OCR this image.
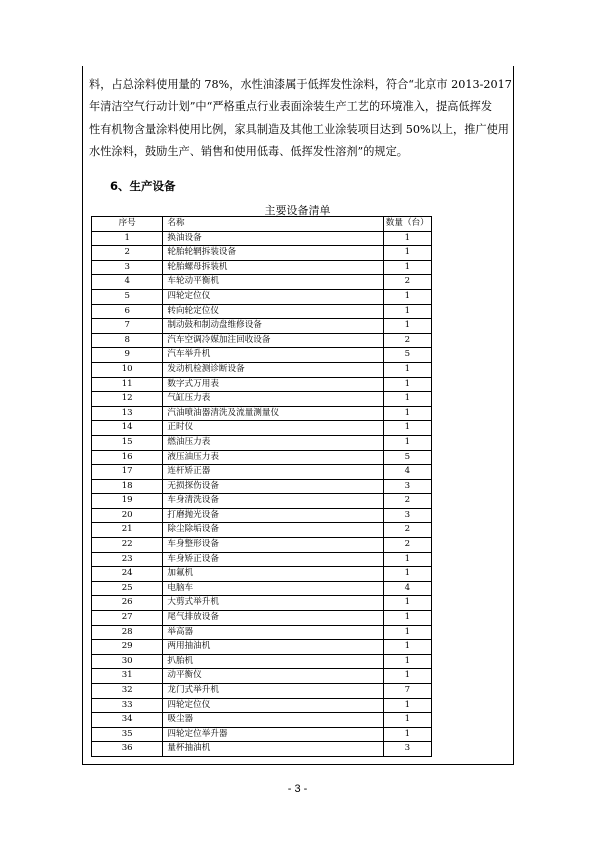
料，占总涂料使用量的 78%，水性油漆属于低挥发性涂料，符合“北京市 2013-2017
年清洁空气行动计划”中“严格重点行业表面涂装生产工艺的环境准入，提高低挥发
性有机物含量涂料使用比例，家具制造及其他工业涂装项目达到 50%以上，推广使用
水性涂料，鼓励生产、销售和使用低毒、低挥发性溶剂”的规定。
6、生产设备
主要设备清单
序号	名称	数量（台）
1	换油设备	1
2	轮胎轮辋拆装设备	1
3	轮胎螺母拆装机	1
4	车轮动平衡机	2
5	四轮定位仪	1
6	转向轮定位仪	1
7	制动鼓和制动盘维修设备	1
8	汽车空调冷媒加注回收设备	2
9	汽车举升机	5
10	发动机检测诊断设备	1
11	数字式万用表	1
12	气缸压力表	1
13	汽油喷油器清洗及流量测量仪	1
14	正时仪	1
15	燃油压力表	1
16	液压油压力表	5
17	连杆矫正器	4
18	无损探伤设备	3
19	车身清洗设备	2
20	打磨抛光设备	3
21	除尘除垢设备	2
22	车身整形设备	2
23	车身矫正设备	1
24	加氟机	1
25	电脑车	4
26	大剪式举升机	1
27	尾气排放设备	1
28	举高器	1
29	两用抽油机	1
30	扒胎机	1
31	动平衡仪	1
32	龙门式举升机	7
33	四轮定位仪	1
34	吸尘器	1
35	四轮定位举升器	1
36	量杯抽油机	3
- 3 -
